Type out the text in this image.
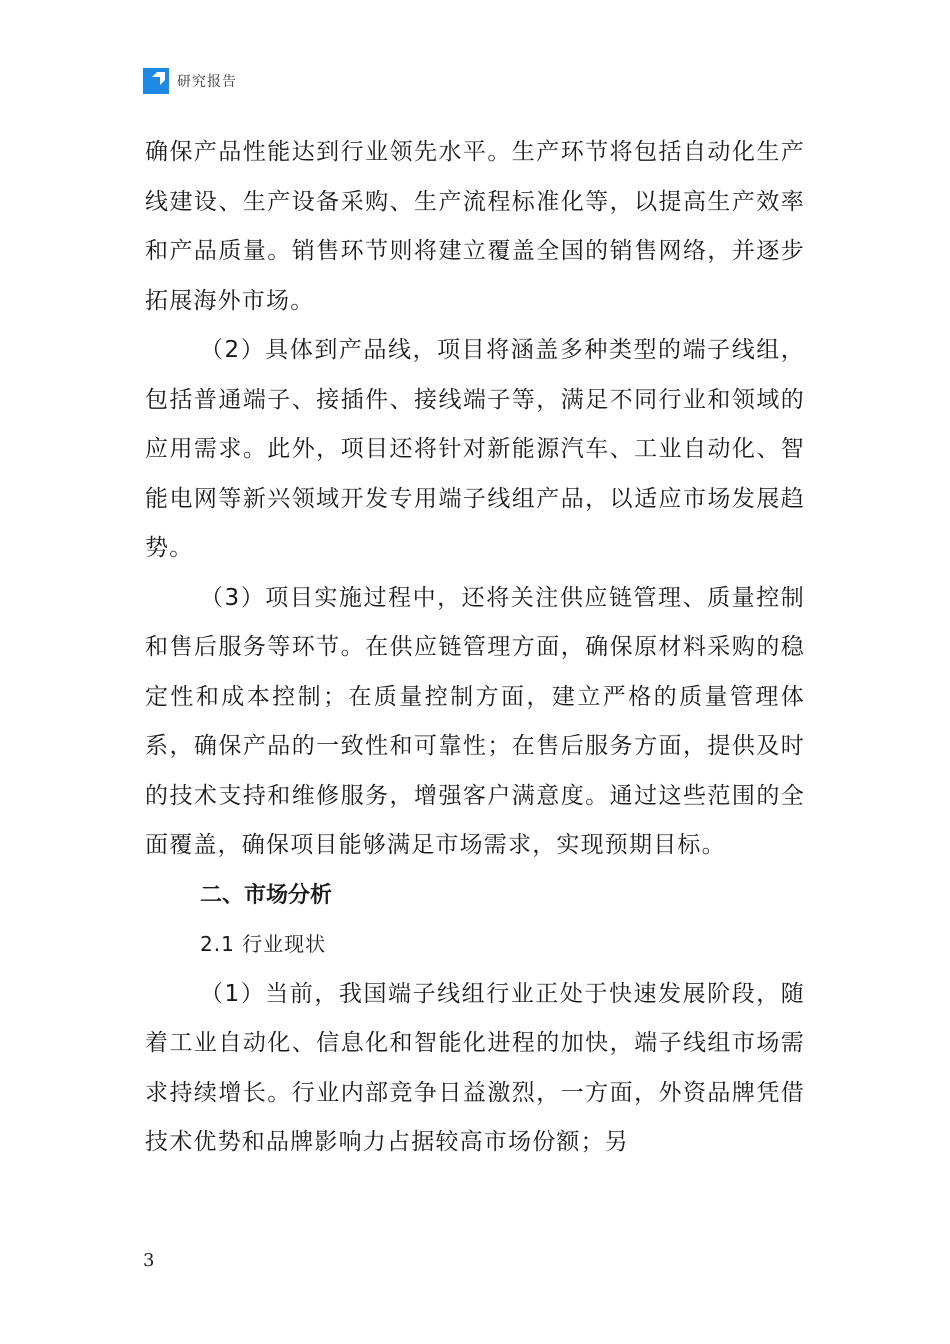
研究报告

确保产品性能达到行业领先水平。生产环节将包括自动化生产线建设、生产设备采购、生产流程标准化等，以提高生产效率和产品质量。销售环节则将建立覆盖全国的销售网络，并逐步拓展海外市场。

（2）具体到产品线，项目将涵盖多种类型的端子线组，包括普通端子、接插件、接线端子等，满足不同行业和领域的应用需求。此外，项目还将针对新能源汽车、工业自动化、智能电网等新兴领域开发专用端子线组产品，以适应市场发展趋势。

（3）项目实施过程中，还将关注供应链管理、质量控制和售后服务等环节。在供应链管理方面，确保原材料采购的稳定性和成本控制；在质量控制方面，建立严格的质量管理体系，确保产品的一致性和可靠性；在售后服务方面，提供及时的技术支持和维修服务，增强客户满意度。通过这些范围的全面覆盖，确保项目能够满足市场需求，实现预期目标。

二、市场分析

2.1 行业现状

（1）当前，我国端子线组行业正处于快速发展阶段，随着工业自动化、信息化和智能化进程的加快，端子线组市场需求持续增长。行业内部竞争日益激烈，一方面，外资品牌凭借技术优势和品牌影响力占据较高市场份额；另

3
